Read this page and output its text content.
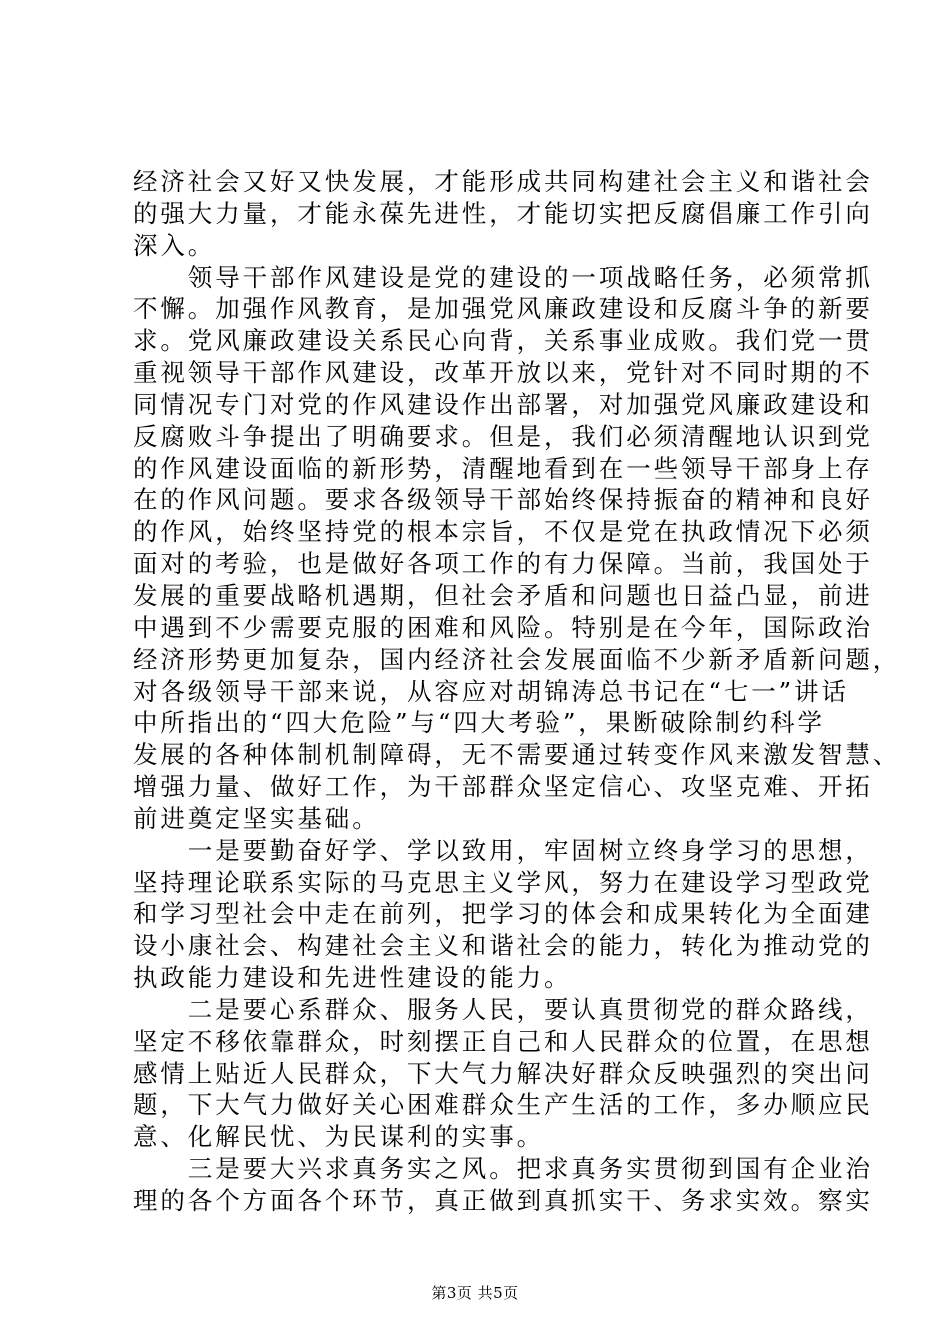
经济社会又好又快发展，才能形成共同构建社会主义和谐社会
的强大力量，才能永葆先进性，才能切实把反腐倡廉工作引向
深入。
　　领导干部作风建设是党的建设的一项战略任务，必须常抓
不懈。加强作风教育，是加强党风廉政建设和反腐斗争的新要
求。党风廉政建设关系民心向背，关系事业成败。我们党一贯
重视领导干部作风建设，改革开放以来，党针对不同时期的不
同情况专门对党的作风建设作出部署，对加强党风廉政建设和
反腐败斗争提出了明确要求。但是，我们必须清醒地认识到党
的作风建设面临的新形势，清醒地看到在一些领导干部身上存
在的作风问题。要求各级领导干部始终保持振奋的精神和良好
的作风，始终坚持党的根本宗旨，不仅是党在执政情况下必须
面对的考验，也是做好各项工作的有力保障。当前，我国处于
发展的重要战略机遇期，但社会矛盾和问题也日益凸显，前进
中遇到不少需要克服的困难和风险。特别是在今年，国际政治
经济形势更加复杂，国内经济社会发展面临不少新矛盾新问题，
对各级领导干部来说，从容应对胡锦涛总书记在“七一”讲话
中所指出的“四大危险”与“四大考验”，果断破除制约科学
发展的各种体制机制障碍，无不需要通过转变作风来激发智慧、
增强力量、做好工作，为干部群众坚定信心、攻坚克难、开拓
前进奠定坚实基础。
　　一是要勤奋好学、学以致用，牢固树立终身学习的思想，
坚持理论联系实际的马克思主义学风，努力在建设学习型政党
和学习型社会中走在前列，把学习的体会和成果转化为全面建
设小康社会、构建社会主义和谐社会的能力，转化为推动党的
执政能力建设和先进性建设的能力。
　　二是要心系群众、服务人民，要认真贯彻党的群众路线，
坚定不移依靠群众，时刻摆正自己和人民群众的位置，在思想
感情上贴近人民群众，下大气力解决好群众反映强烈的突出问
题，下大气力做好关心困难群众生产生活的工作，多办顺应民
意、化解民忧、为民谋利的实事。
　　三是要大兴求真务实之风。把求真务实贯彻到国有企业治
理的各个方面各个环节，真正做到真抓实干、务求实效。察实
第3页 共5页
